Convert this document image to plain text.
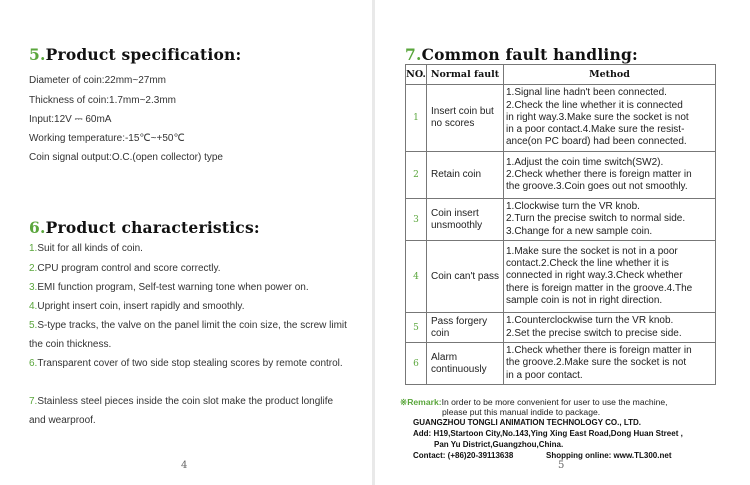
5.Product specification:
Diameter of coin:22mm~27mm
Thickness of coin:1.7mm~2.3mm
Input:12V ⎓ 60mA
Working temperature:-15℃~+50℃
Coin signal output:O.C.(open collector) type
6.Product characteristics:
1.Suit for all kinds of coin.
2.CPU program control and score correctly.
3.EMI function program, Self-test warning tone when power on.
4.Upright insert coin, insert rapidly and smoothly.
5.S-type tracks, the valve on the panel limit the coin size, the screw limit the coin thickness.
6.Transparent cover of two side stop stealing scores by remote control.
7.Stainless steel pieces inside the coin slot make the product longlife and wearproof.
4
7.Common fault handling:
NO.	Normal fault	Method
1	Insert coin but no scores	1.Signal line hadn't been connected.
2.Check the line whether it is connected
in right way.3.Make sure the socket is not
in a poor contact.4.Make sure the resist-
ance(on PC board) had been connected.

2	Retain coin	1.Adjust the coin time switch(SW2).
2.Check whether there is foreign matter in
the groove.3.Coin goes out not smoothly.

3	Coin insert unsmoothly	1.Clockwise turn the VR knob.
2.Turn the precise switch to normal side.
3.Change for a new sample coin.

4	Coin can't pass	1.Make sure the socket is not in a poor
contact.2.Check the line whether it is
connected in right way.3.Check whether
there is foreign matter in the groove.4.The
sample coin is not in right direction.

5	Pass forgery coin	1.Counterclockwise turn the VR knob.
2.Set the precise switch to precise side.

6	Alarm continuously	1.Check whether there is foreign matter in
the groove.2.Make sure the socket is not
in a poor contact.
※Remark:In order to be more convenient for user to use the machine,
please put this manual indide to package.
GUANGZHOU TONGLI ANIMATION TECHNOLOGY CO., LTD.
Add: H19,Startoon City,No.143,Ying Xing East Road,Dong Huan Street ,
Pan Yu District,Guangzhou,China.
Contact: (+86)20-39113638	Shopping online: www.TL300.net
5
